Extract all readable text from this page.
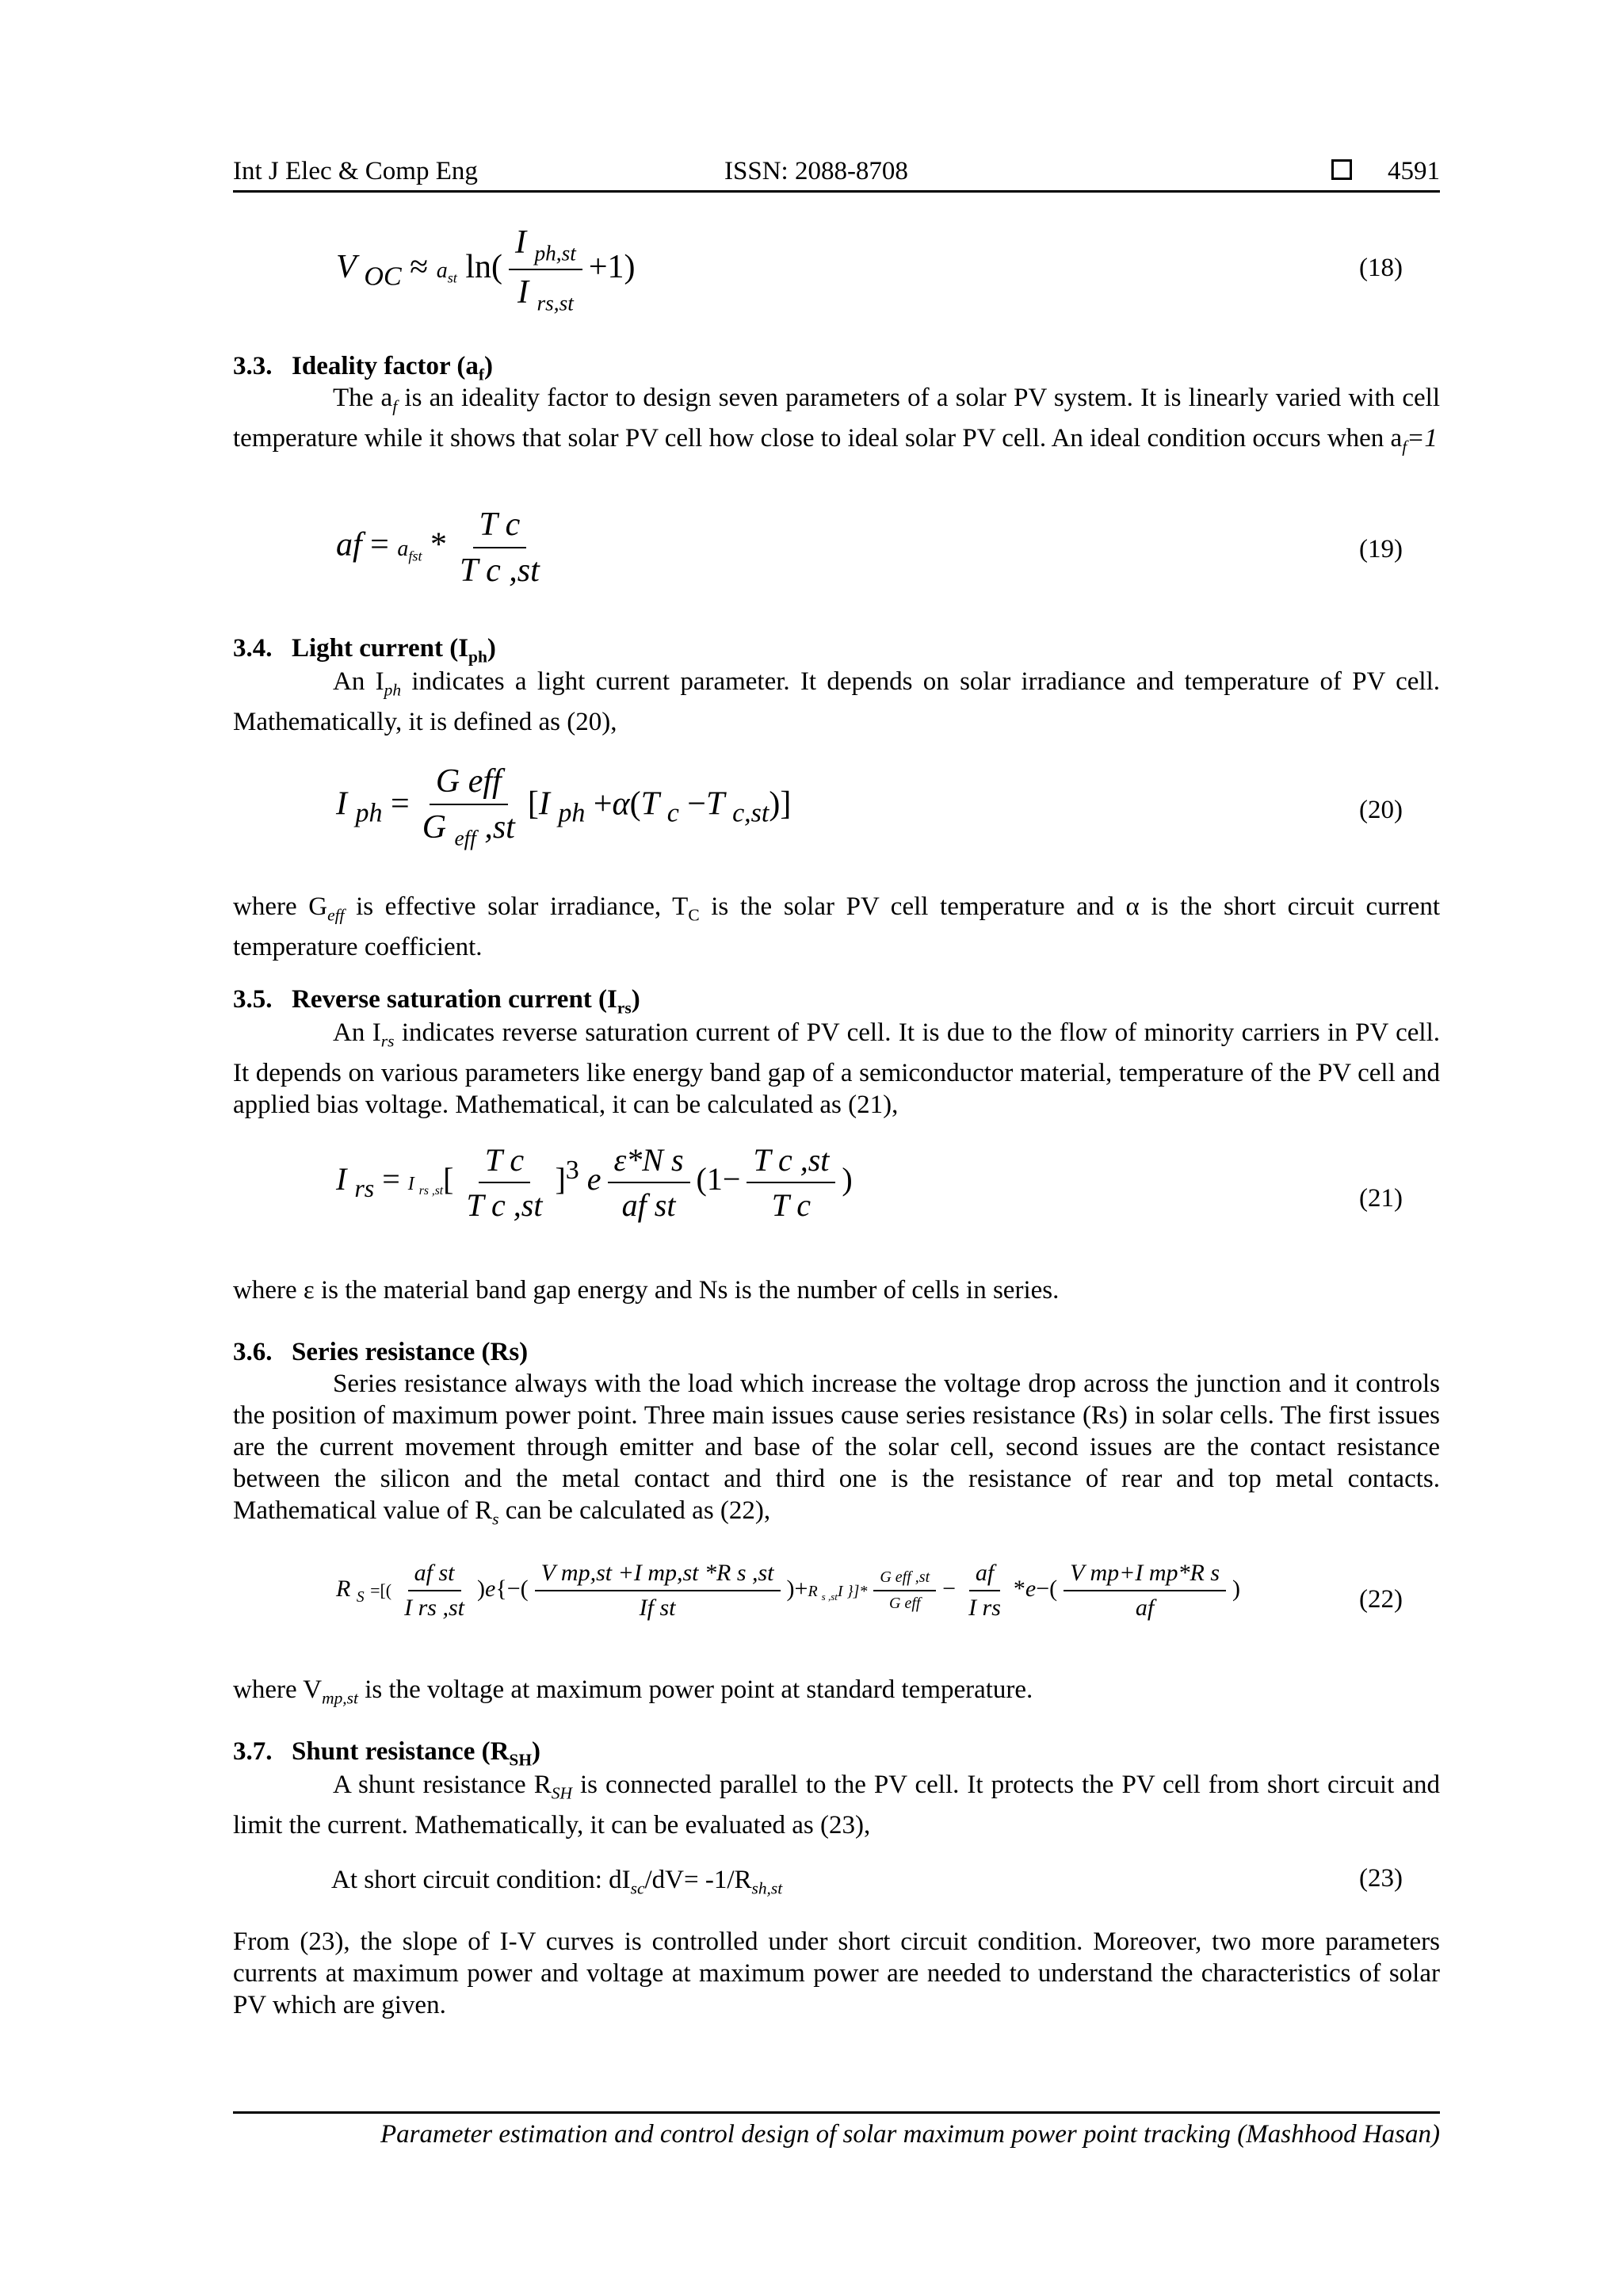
Int J Elec & Comp Eng	ISSN: 2088-8708	4591
V $_{OC} \approx a_{st}$ $\ln( \frac{I _{ph,st}}{I _{rs,st}} +1)$	(18)
3.3. Ideality factor $(a_f)$

The $a_f$ is an ideality factor to design seven parameters of a solar PV system. It is linearly varied with cell temperature while it shows that solar PV cell how close to ideal solar PV cell. An ideal condition occurs when $a_f=1$

af = $a_{fst} * \frac{\text{T c}}{\text{T c ,st}}$	(19)
3.4. Light current $(I_{ph})$

An $I_{ph}$ indicates a light current parameter. It depends on solar irradiance and temperature of PV cell. Mathematically, it is defined as (20),

I $_{ph} = \frac{\text{G eff}}{G _{eff} ,st} [I$ $_{ph}$ +α(T $_c$ −T $_{c,st}$)]	(20)

where $G_{eff}$ is effective solar irradiance, $T_C$ is the solar PV cell temperature and α is the short circuit current temperature coefficient.

3.5. Reverse saturation current $(I_{rs})$

An $I_{rs}$ indicates reverse saturation current of PV cell. It is due to the flow of minority carriers in PV cell. It depends on various parameters like energy band gap of a semiconductor material, temperature of the PV cell and applied bias voltage. Mathematical, it can be calculated as (21),

I $_{rs}$ = I $_{rs ,st}[ \frac{\text{T c}}{\text{T c ,st}} ]^3$ e $\frac{\text{ε*N s}}{\text{af st}} (1- \frac{\text{T c ,st}}{\text{T c}}$ )
(21)

where ε is the material band gap energy and Ns is the number of cells in series.

3.6. Series resistance (Rs)

Series resistance always with the load which increase the voltage drop across the junction and it controls the position of maximum power point. Three main issues cause series resistance (Rs) in solar cells. The first issues are the current movement through emitter and base of the solar cell, second issues are the contact resistance between the silicon and the metal contact and third one is the resistance of rear and top metal contacts. Mathematical value of $R_s$ can be calculated as (22),

R $_S$ =[( $\frac{\text{af st}}{\text{I rs ,st}} )e\{-( \frac{\text{V mp,st +I mp,st *R s ,st}}{\text{If st}} )+R$ $_{s ,st}$I }]* $\frac{\text{G eff ,st}}{\text{G eff}} - \frac{af}{\text{I rs}} *e-( \frac{\text{V mp+I mp*R s}}{af}$ )	(22)

where $V_{mp,st}$ is the voltage at maximum power point at standard temperature.

3.7. Shunt resistance $(R_{SH})$

A shunt resistance $R_{SH}$ is connected parallel to the PV cell. It protects the PV cell from short circuit and limit the current. Mathematically, it can be evaluated as (23),

At short circuit condition: $dI_{sc}/dV= -1/R_{sh,st}$	(23)

From (23), the slope of I-V curves is controlled under short circuit condition. Moreover, two more parameters currents at maximum power and voltage at maximum power are needed to understand the characteristics of solar PV which are given.

Parameter estimation and control design of solar maximum power point tracking (Mashhood Hasan)
